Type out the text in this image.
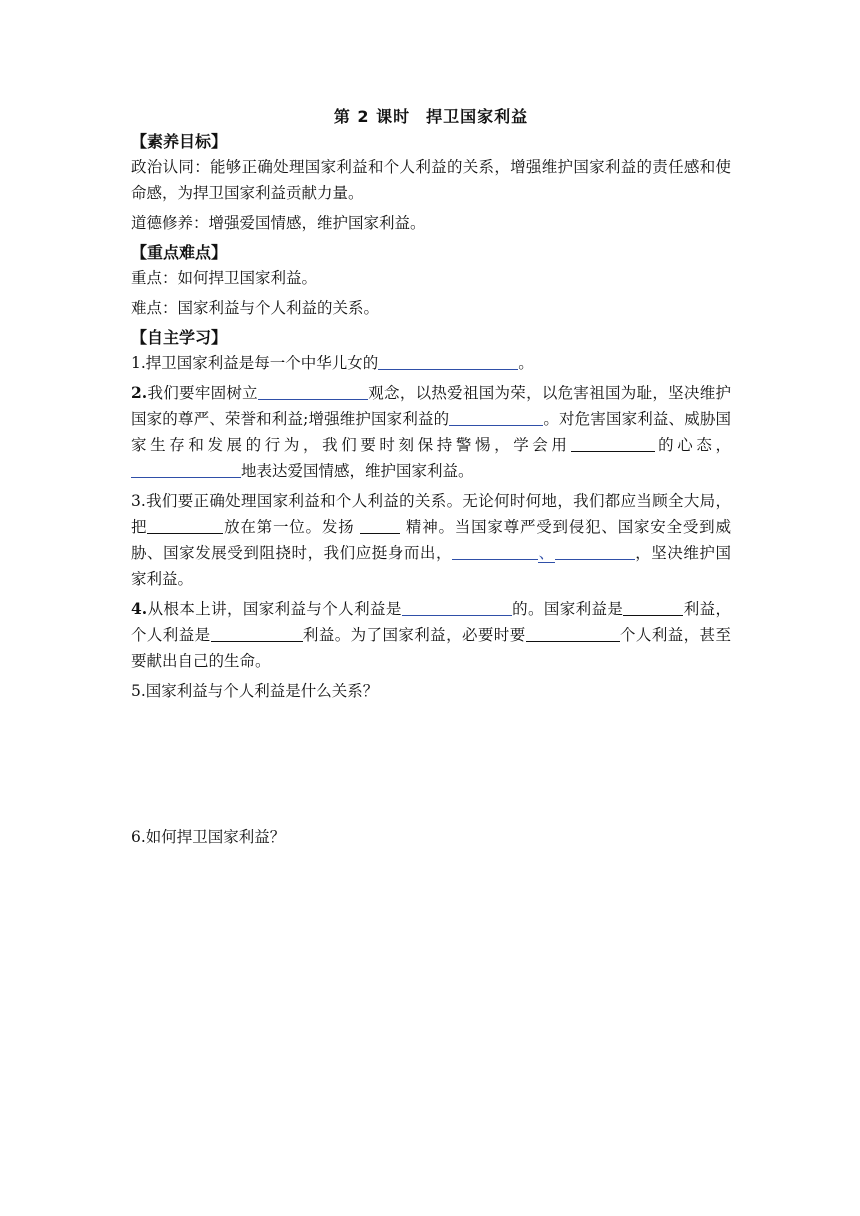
第 2 课时 捍卫国家利益
【素养目标】

政治认同：能够正确处理国家利益和个人利益的关系，增强维护国家利益的责任感和使命感，为捍卫国家利益贡献力量。

道德修养：增强爱国情感，维护国家利益。

【重点难点】

重点：如何捍卫国家利益。

难点：国家利益与个人利益的关系。

【自主学习】

1.捍卫国家利益是每一个中华儿女的	。

2.我们要牢固树立	观念，以热爱祖国为荣，以危害祖国为耻，坚决维护国家的尊严、荣誉和利益;增强维护国家利益的	。对危害国家利益、威胁国家生存和发展的行为，我们要时刻保持警惕，学会用	的心态，地表达爱国情感，维护国家利益。

3.我们要正确处理国家利益和个人利益的关系。无论何时何地，我们都应当顾全大局，把	放在第一位。发扬	精神。当国家尊严受到侵犯、国家安全受到威胁、国家发展受到阻挠时，我们应挺身而出，	、	，坚决维护国家利益。

4.从根本上讲，国家利益与个人利益是	的。国家利益是	利益，个人利益是	利益。为了国家利益，必要时要	个人利益，甚至要献出自己的生命。

5.国家利益与个人利益是什么关系？

6.如何捍卫国家利益？
